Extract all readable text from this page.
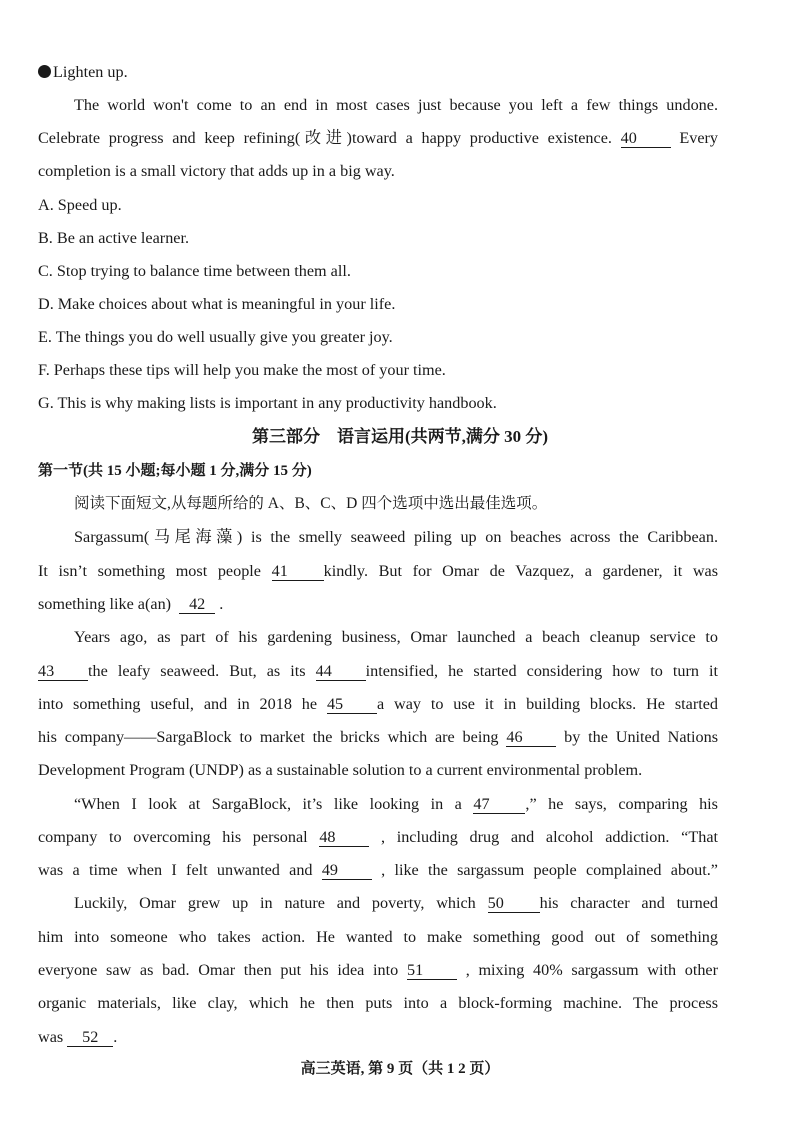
Lighten up.
The world won't come to an end in most cases just because you left a few things undone.
Celebrate progress and keep refining(改进)toward a happy productive existence. 40	Every
completion is a small victory that adds up in a big way.
A. Speed up.
B. Be an active learner.
C. Stop trying to balance time between them all.
D. Make choices about what is meaningful in your life.
E. The things you do well usually give you greater joy.
F. Perhaps these tips will help you make the most of your time.
G. This is why making lists is important in any productivity handbook.
第三部分　语言运用(共两节,满分 30 分)
第一节(共 15 小题;每小题 1 分,满分 15 分)
阅读下面短文,从每题所给的 A、B、C、D 四个选项中选出最佳选项。
Sargassum(马尾海藻) is the smelly seaweed piling up on beaches across the Caribbean.
It isn’t something most people 41 kindly. But for Omar de Vazquez, a gardener, it was
something like a(an) 42 .
Years ago, as part of his gardening business, Omar launched a beach cleanup service to
43 the leafy seaweed. But, as its 44 intensified, he started considering how to turn it
into something useful, and in 2018 he 45 a way to use it in building blocks. He started
his company——SargaBlock to market the bricks which are being 46	by the United Nations
Development Program (UNDP) as a sustainable solution to a current environmental problem.
“When I look at SargaBlock, it’s like looking in a 47 ,” he says, comparing his
company to overcoming his personal 48	, including drug and alcohol addiction. “That
was a time when I felt unwanted and 49	, like the sargassum people complained about.”
Luckily, Omar grew up in nature and poverty, which 50 his character and turned
him into someone who takes action. He wanted to make something good out of something
everyone saw as bad. Omar then put his idea into 51	, mixing 40% sargassum with other
organic materials, like clay, which he then puts into a block-forming machine. The process
was 52 .
高三英语, 第 9 页（共 1 2 页）
